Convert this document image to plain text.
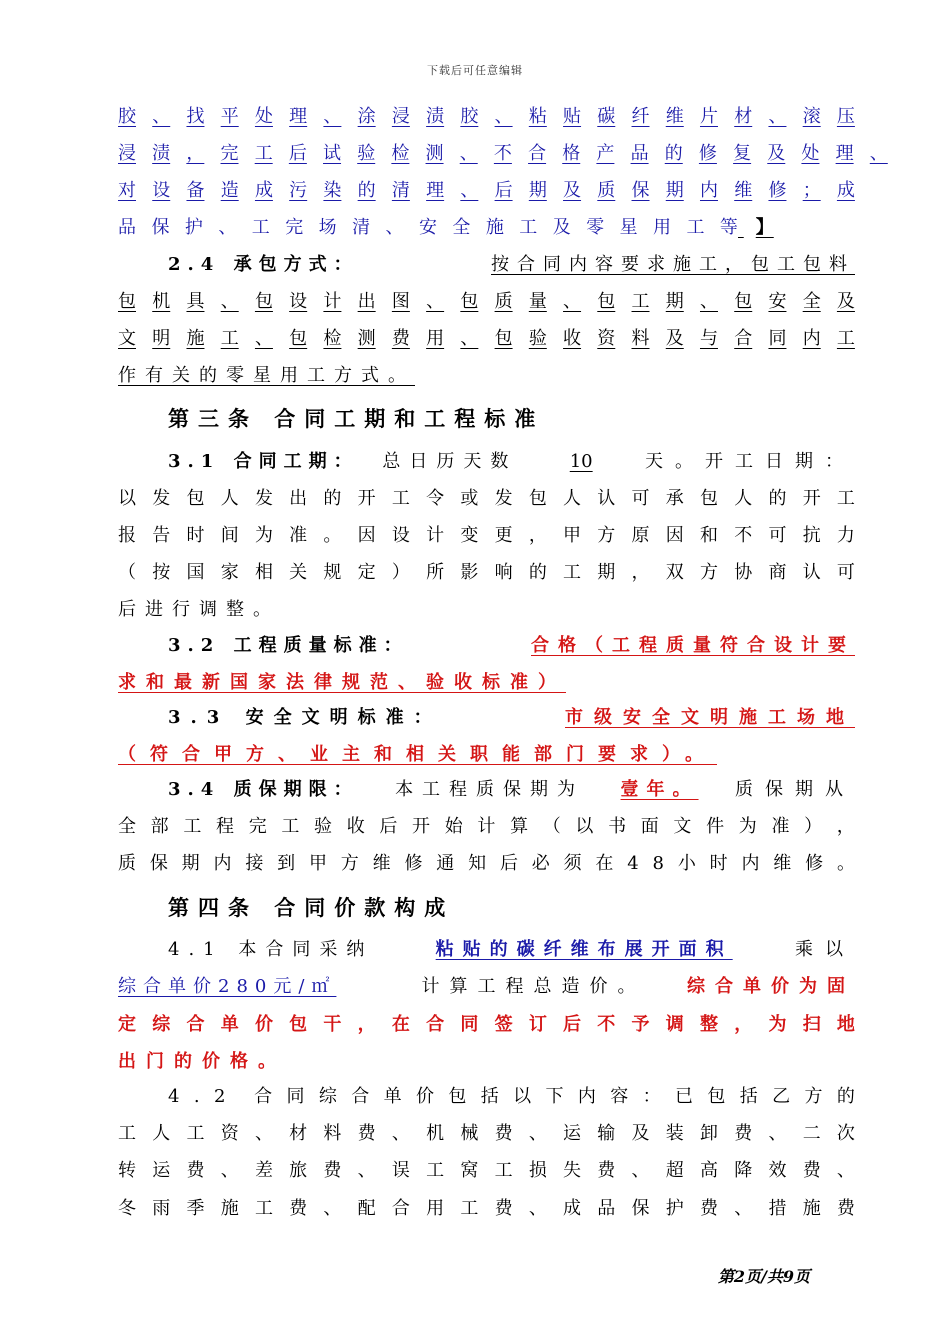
下载后可任意编辑
胶 、 找 平 处 理 、 涂 浸 渍 胶 、 粘 贴 碳 纤 维 片 材 、 滚 压
浸 渍 ， 完 工 后 试 验 检 测 、 不 合 格 产 品 的 修 复 及 处 理 、
对 设 备 造 成 污 染 的 清 理 、 后 期 及 质 保 期 内 维 修 ； 成
品 保 护 、 工 完 场 清 、 安 全 施 工 及 零 星 用 工 等 】
2.4 承包方式：	按合同内容要求施工，包工包料
包 机 具 、 包 设 计 出 图 、 包 质 量 、 包 工 期 、 包 安 全 及
文 明 施 工 、 包 检 测 费 用 、 包 验 收 资 料 及 与 合 同 内 工
作有关的零星用工方式。
第三条 合同工期和工程标准
3.1 合同工期： 总日历天数	10	天。开工日期：
以 发 包 人 发 出 的 开 工 令 或 发 包 人 认 可 承 包 人 的 开 工
报 告 时 间 为 准 。 因 设 计 变 更 ， 甲 方 原 因 和 不 可 抗 力
（ 按 国 家 相 关 规 定 ） 所 影 响 的 工 期 ， 双 方 协 商 认 可
后进行调整。
3.2 工程质量标准：	合格（工程质量符合设计要
求和最新国家法律规范、验收标准）
3.3 安全文明标准：	市级安全文明施工场地
（符合甲方、业主和相关职能部门要求）。
3.4 质保期限： 本工程质保期为 壹年。 质保期从
全 部 工 程 完 工 验 收 后 开 始 计 算 （ 以 书 面 文 件 为 准 ） ，
质 保 期 内 接 到 甲 方 维 修 通 知 后 必 须 在 4 8 小 时 内 维 修 。
第四条 合同价款构成
4.1 本合同采纳	粘贴的碳纤维布展开面积	乘以
综合单价280元/㎡	计算工程总造价。 综合单价为固
定 综 合 单 价 包 干 ， 在 合 同 签 订 后 不 予 调 整 ， 为 扫 地
出门的价格。
4 . 2 合 同 综 合 单 价 包 括 以 下 内 容 ： 已 包 括 乙 方 的
工 人 工 资 、 材 料 费 、 机 械 费 、 运 输 及 装 卸 费 、 二 次
转 运 费 、 差 旅 费 、 误 工 窝 工 损 失 费 、 超 高 降 效 费 、
冬 雨 季 施 工 费 、 配 合 用 工 费 、 成 品 保 护 费 、 措 施 费
第2页/共9页
